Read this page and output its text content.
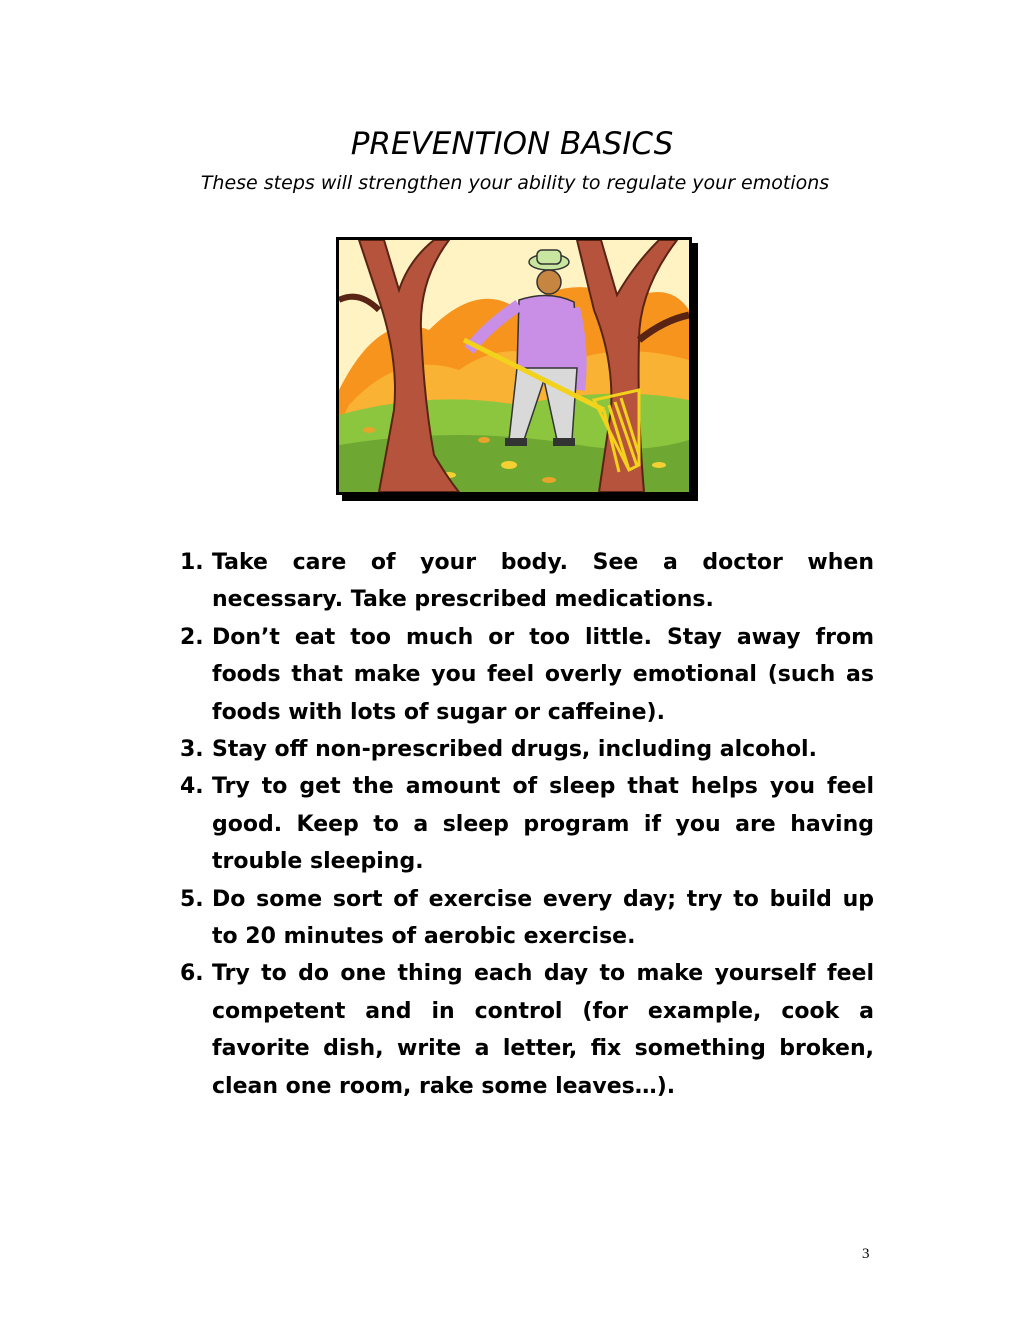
PREVENTION BASICS
These steps will strengthen your ability to regulate your emotions
1. Take care of your body. See a doctor when necessary. Take prescribed medications.
2. Don’t eat too much or too little. Stay away from foods that make you feel overly emotional (such as foods with lots of sugar or caffeine).
3. Stay off non-prescribed drugs, including alcohol.
4. Try to get the amount of sleep that helps you feel good. Keep to a sleep program if you are having trouble sleeping.
5. Do some sort of exercise every day; try to build up to 20 minutes of aerobic exercise.
6. Try to do one thing each day to make yourself feel competent and in control (for example, cook a favorite dish, write a letter, fix something broken, clean one room, rake some leaves…).
3
